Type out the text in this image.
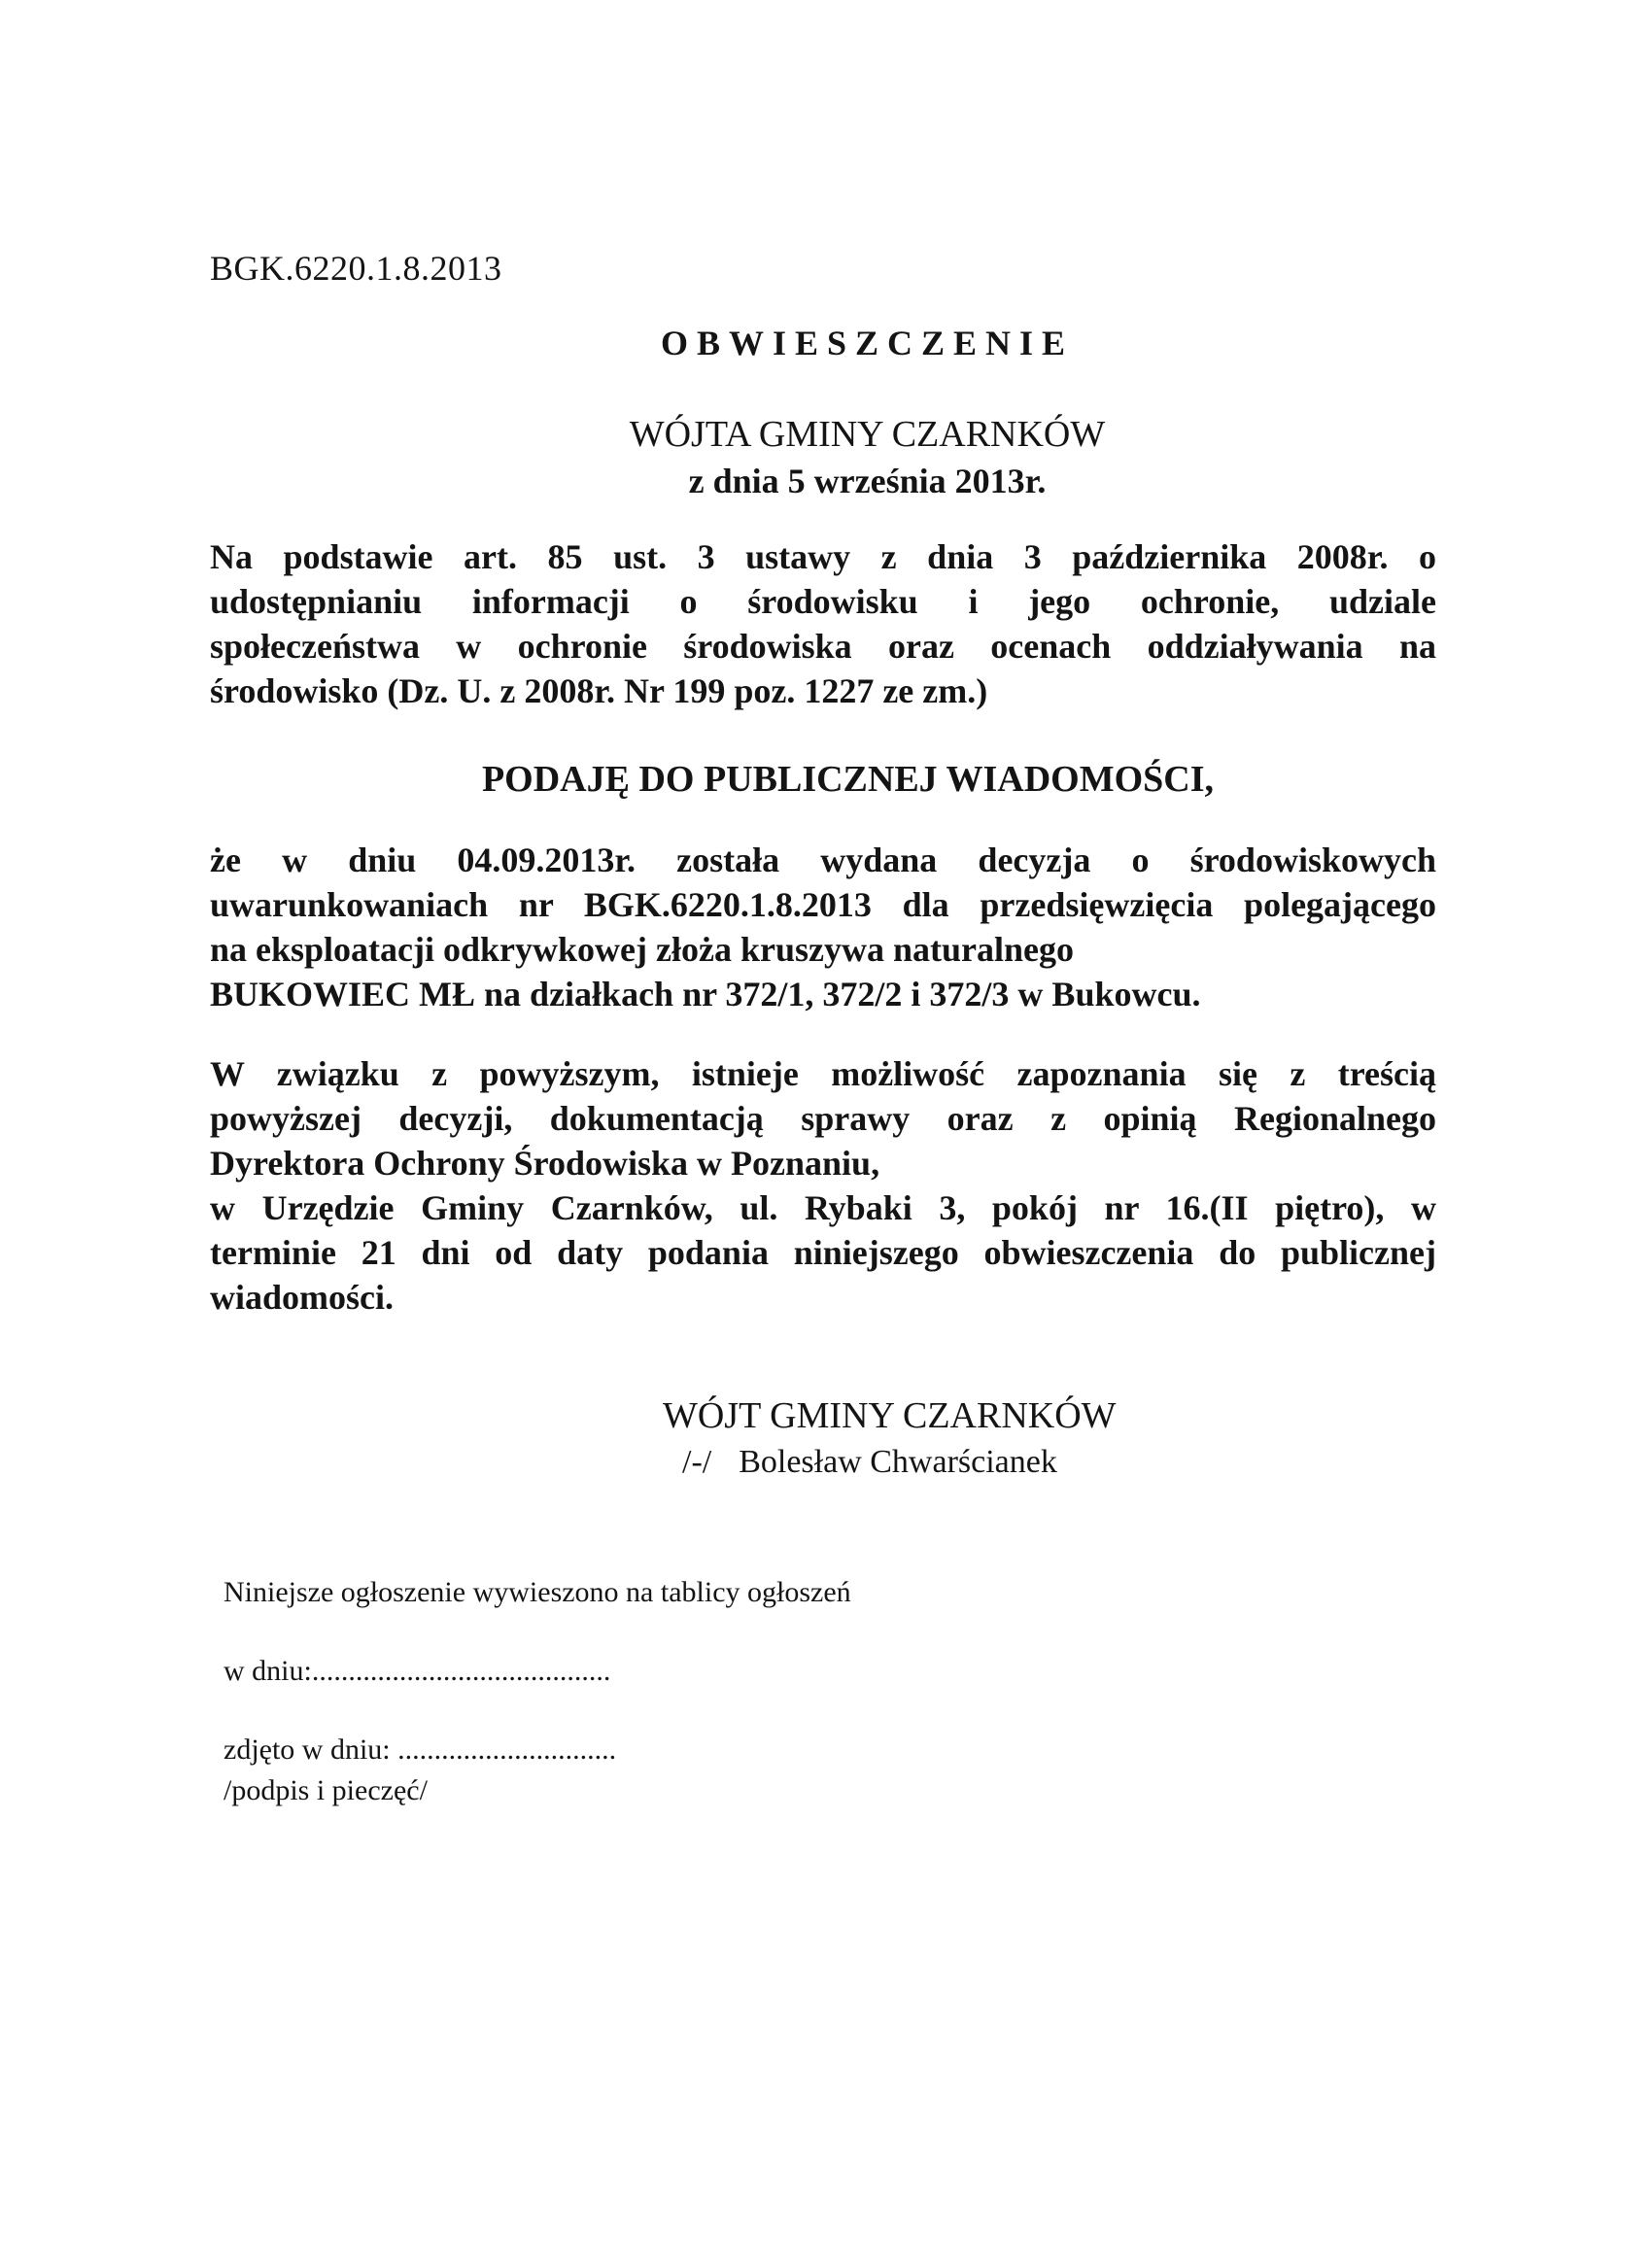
BGK.6220.1.8.2013
OBWIESZCZENIE
WÓJTA GMINY CZARNKÓW
z dnia 5 września 2013r.
Na podstawie art. 85 ust. 3 ustawy z dnia 3 października 2008r. o
udostępnianiu informacji o środowisku i jego ochronie, udziale
społeczeństwa w ochronie środowiska oraz ocenach oddziaływania na
środowisko (Dz. U. z 2008r. Nr 199 poz. 1227 ze zm.)
PODAJĘ DO PUBLICZNEJ WIADOMOŚCI,
że w dniu 04.09.2013r. została wydana decyzja o środowiskowych
uwarunkowaniach nr BGK.6220.1.8.2013 dla przedsięwzięcia polegającego
na eksploatacji odkrywkowej złoża kruszywa naturalnego
BUKOWIEC MŁ na działkach nr 372/1, 372/2 i 372/3 w Bukowcu.
W związku z powyższym, istnieje możliwość zapoznania się z treścią
powyższej decyzji, dokumentacją sprawy oraz z opinią Regionalnego
Dyrektora Ochrony Środowiska w Poznaniu,
w Urzędzie Gminy Czarnków, ul. Rybaki 3, pokój nr 16.(II piętro), w
terminie 21 dni od daty podania niniejszego obwieszczenia do publicznej
wiadomości.
WÓJT GMINY CZARNKÓW
/-/ Bolesław Chwarścianek
Niniejsze ogłoszenie wywieszono na tablicy ogłoszeń
w dniu:.........................................
zdjęto w dniu: ..............................
/podpis i pieczęć/
